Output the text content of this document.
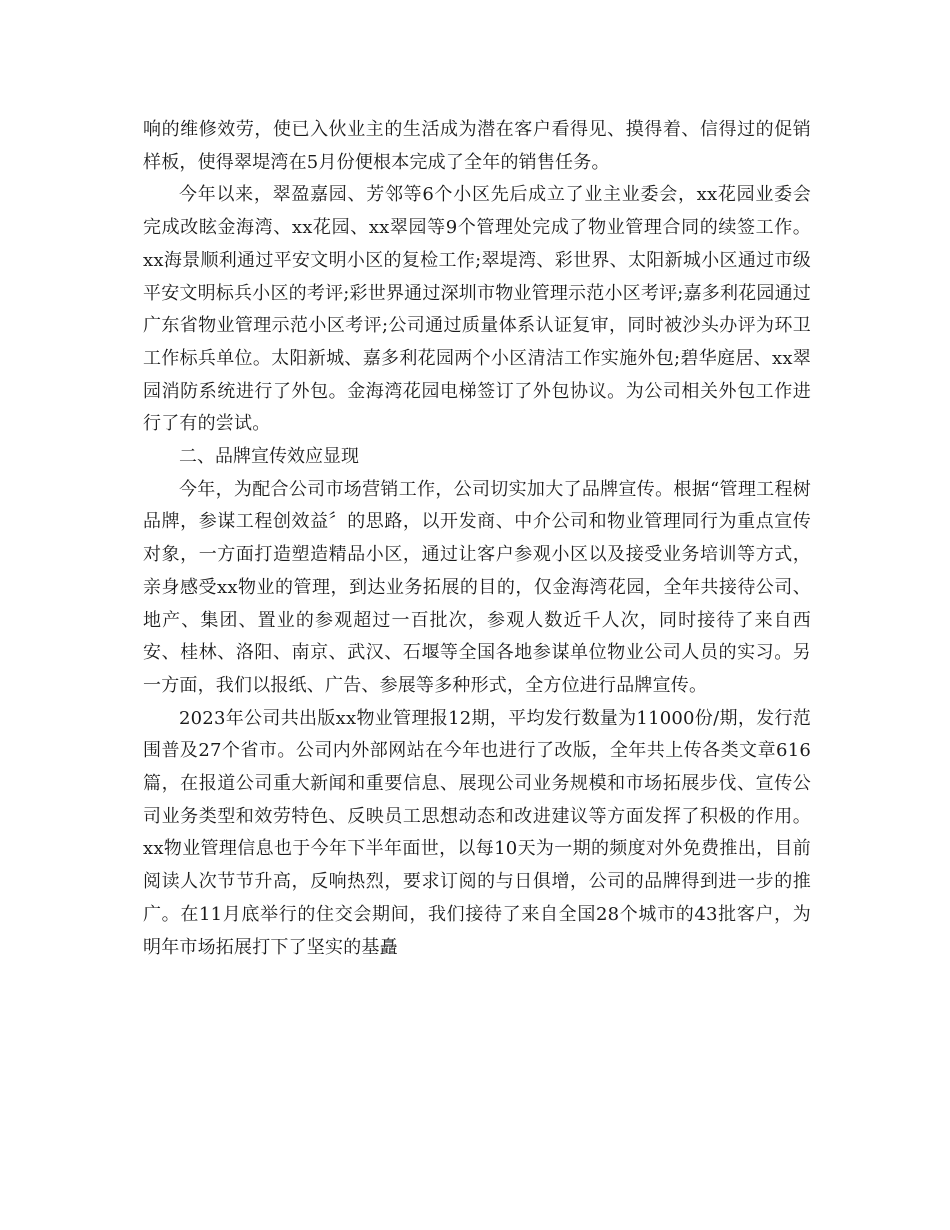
响的维修效劳，使已入伙业主的生活成为潜在客户看得见、摸得着、信得过的促销样板，使得翠堤湾在5月份便根本完成了全年的销售任务。

今年以来，翠盈嘉园、芳邻等6个小区先后成立了业主业委会，xx花园业委会完成改眩金海湾、xx花园、xx翠园等9个管理处完成了物业管理合同的续签工作。xx海景顺利通过平安文明小区的复检工作;翠堤湾、彩世界、太阳新城小区通过市级平安文明标兵小区的考评;彩世界通过深圳市物业管理示范小区考评;嘉多利花园通过广东省物业管理示范小区考评;公司通过质量体系认证复审，同时被沙头办评为环卫工作标兵单位。太阳新城、嘉多利花园两个小区清洁工作实施外包;碧华庭居、xx翠园消防系统进行了外包。金海湾花园电梯签订了外包协议。为公司相关外包工作进行了有的尝试。

二、品牌宣传效应显现

今年，为配合公司市场营销工作，公司切实加大了品牌宣传。根据“管理工程树品牌，参谋工程创效益〞的思路，以开发商、中介公司和物业管理同行为重点宣传对象，一方面打造塑造精品小区，通过让客户参观小区以及接受业务培训等方式，亲身感受xx物业的管理，到达业务拓展的目的，仅金海湾花园，全年共接待公司、地产、集团、置业的参观超过一百批次，参观人数近千人次，同时接待了来自西安、桂林、洛阳、南京、武汉、石堰等全国各地参谋单位物业公司人员的实习。另一方面，我们以报纸、广告、参展等多种形式，全方位进行品牌宣传。

2023年公司共出版xx物业管理报12期，平均发行数量为11000份/期，发行范围普及27个省市。公司内外部网站在今年也进行了改版，全年共上传各类文章616篇，在报道公司重大新闻和重要信息、展现公司业务规模和市场拓展步伐、宣传公司业务类型和效劳特色、反映员工思想动态和改进建议等方面发挥了积极的作用。xx物业管理信息也于今年下半年面世，以每10天为一期的频度对外免费推出，目前阅读人次节节升高，反响热烈，要求订阅的与日俱增，公司的品牌得到进一步的推广。在11月底举行的住交会期间，我们接待了来自全国28个城市的43批客户，为明年市场拓展打下了坚实的基矗
